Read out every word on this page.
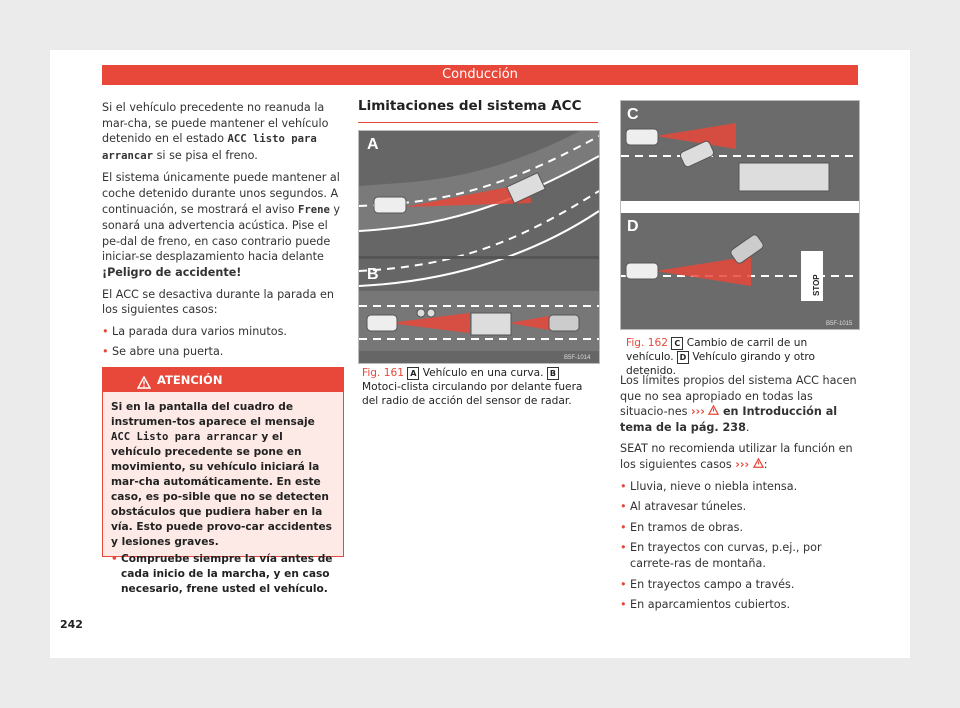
Conducción

Si el vehículo precedente no reanuda la mar-cha, se puede mantener el vehículo detenido en el estado ACC listo para arrancar si se pisa el freno.

El sistema únicamente puede mantener al coche detenido durante unos segundos. A continuación, se mostrará el aviso Frene y sonará una advertencia acústica. Pise el pe-dal de freno, en caso contrario puede iniciar-se desplazamiento hacia delante ¡Peligro de accidente!

El ACC se desactiva durante la parada en los siguientes casos:

• La parada dura varios minutos.
• Se abre una puerta.
ATENCIÓN

Si en la pantalla del cuadro de instrumen-tos aparece el mensaje ACC Listo para arrancar y el vehículo precedente se pone en movimiento, su vehículo iniciará la mar-cha automáticamente. En este caso, es po-sible que no se detecten obstáculos que pudiera haber en la vía. Esto puede provo-car accidentes y lesiones graves.

• Compruebe siempre la vía antes de cada inicio de la marcha, y en caso necesario, frene usted el vehículo.
Limitaciones del sistema ACC
A
B
B5F-1014
Fig. 161 A Vehículo en una curva. B Motoci-clista circulando por delante fuera del radio de acción del sensor de radar.
STOP
C
D
B5F-1015
Fig. 162 C Cambio de carril de un vehículo. D Vehículo girando y otro detenido.

Los límites propios del sistema ACC hacen que no sea apropiado en todas las situacio-nes ››› en Introducción al tema de la pág. 238.

SEAT no recomienda utilizar la función en los siguientes casos ››› :

• Lluvia, nieve o niebla intensa.
• Al atravesar túneles.
• En tramos de obras.
• En trayectos con curvas, p.ej., por carrete-ras de montaña.
• En trayectos campo a través.
• En aparcamientos cubiertos.
242
